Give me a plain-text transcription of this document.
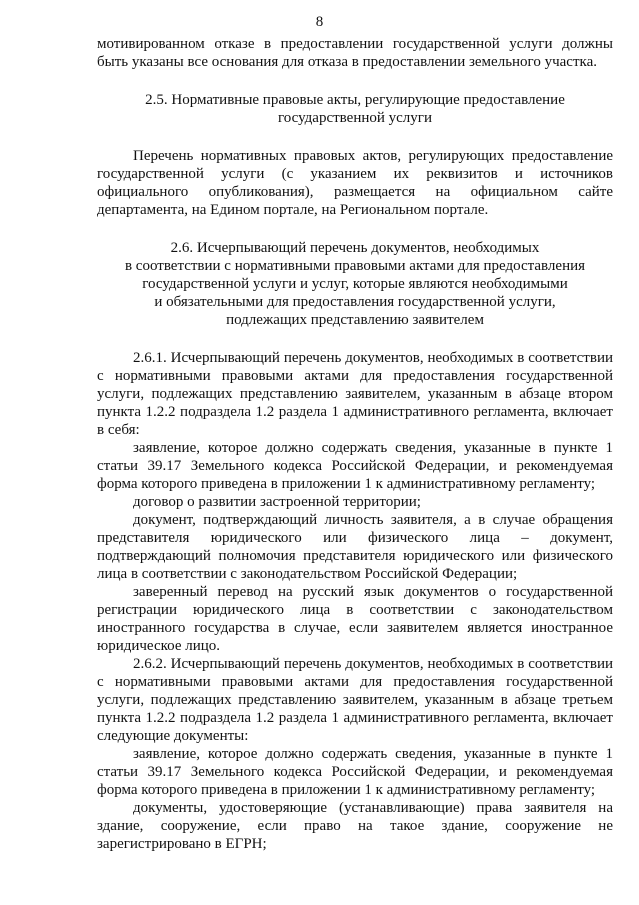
8

мотивированном отказе в предоставлении государственной услуги должны быть указаны все основания для отказа в предоставлении земельного участка.

2.5. Нормативные правовые акты, регулирующие предоставление
государственной услуги

Перечень нормативных правовых актов, регулирующих предоставление государственной услуги (с указанием их реквизитов и источников официального опубликования), размещается на официальном сайте департамента, на Едином портале, на Региональном портале.

2.6. Исчерпывающий перечень документов, необходимых
в соответствии с нормативными правовыми актами для предоставления
государственной услуги и услуг, которые являются необходимыми
и обязательными для предоставления государственной услуги,
подлежащих представлению заявителем

2.6.1. Исчерпывающий перечень документов, необходимых в соответствии с нормативными правовыми актами для предоставления государственной услуги, подлежащих представлению заявителем, указанным в абзаце втором пункта 1.2.2 подраздела 1.2 раздела 1 административного регламента, включает в себя:

заявление, которое должно содержать сведения, указанные в пункте 1 статьи 39.17 Земельного кодекса Российской Федерации, и рекомендуемая форма которого приведена в приложении 1 к административному регламенту;

договор о развитии застроенной территории;

документ, подтверждающий личность заявителя, а в случае обращения представителя юридического или физического лица – документ, подтверждающий полномочия представителя юридического или физического лица в соответствии с законодательством Российской Федерации;

заверенный перевод на русский язык документов о государственной регистрации юридического лица в соответствии с законодательством иностранного государства в случае, если заявителем является иностранное юридическое лицо.

2.6.2. Исчерпывающий перечень документов, необходимых в соответствии с нормативными правовыми актами для предоставления государственной услуги, подлежащих представлению заявителем, указанным в абзаце третьем пункта 1.2.2 подраздела 1.2 раздела 1 административного регламента, включает следующие документы:

заявление, которое должно содержать сведения, указанные в пункте 1 статьи 39.17 Земельного кодекса Российской Федерации, и рекомендуемая форма которого приведена в приложении 1 к административному регламенту;

документы, удостоверяющие (устанавливающие) права заявителя на здание, сооружение, если право на такое здание, сооружение не зарегистрировано в ЕГРН;
